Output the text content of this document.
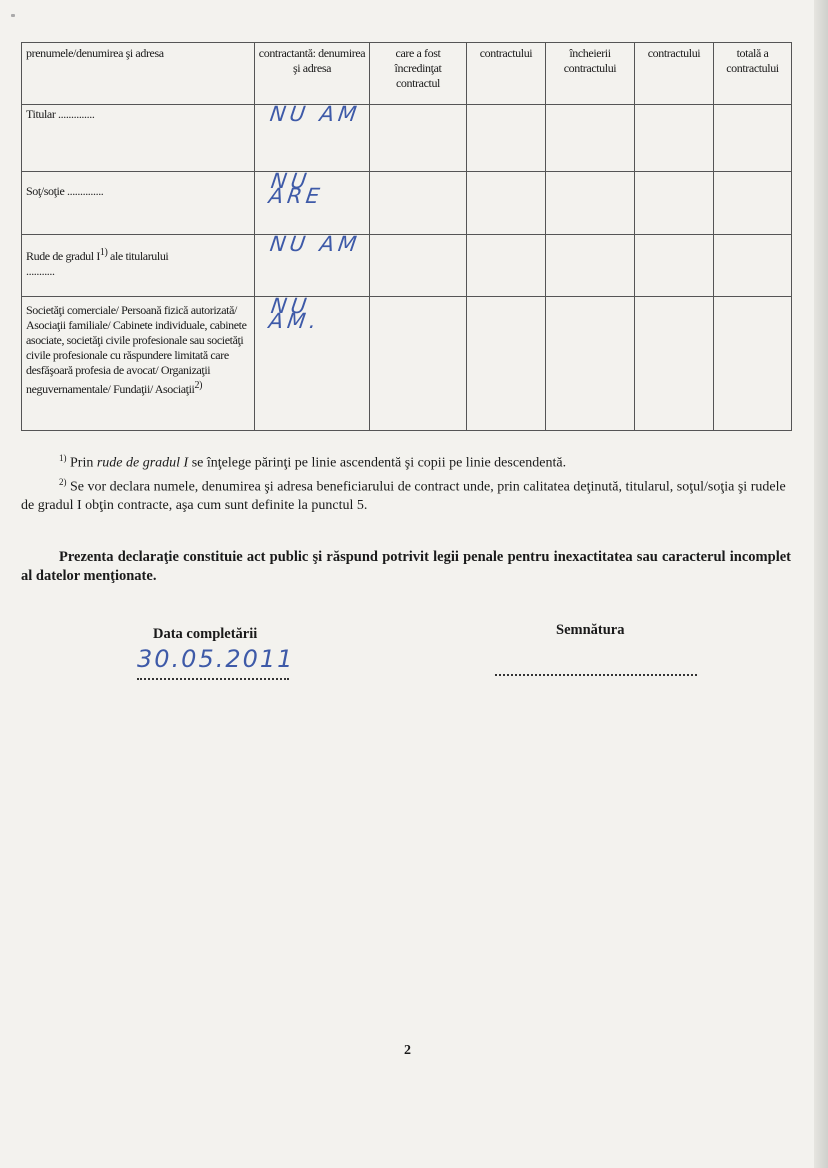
prenumele/denumirea şi adresa	contractantă: denumirea şi adresa	care a fost încredinţat contractul	contractului	încheierii contractului	contractului	totală a contractului
Titular ..............	NU AM					
Soţ/soţie ..............	NU ARE					
Rude de gradul $I^{1)}$ ale titularului
...........	NU AM					
Societăţi comerciale/ Persoană fizică autorizată/ Asociaţii familiale/ Cabinete individuale, cabinete asociate, societăţi civile profesionale sau societăţi civile profesionale cu răspundere limitată care desfăşoară profesia de avocat/ Organizaţii neguvernamentale/ Fundaţii/ Asociaţii$^{2)}$	NU AM.					

$^{1)}$ Prin rude de gradul I se înţelege părinţi pe linie ascendentă şi copii pe linie descendentă.

$^{2)}$ Se vor declara numele, denumirea şi adresa beneficiarului de contract unde, prin calitatea deţinută, titularul, soţul/soţia şi rudele de gradul I obţin contracte, aşa cum sunt definite la punctul 5.

Prezenta declaraţie constituie act public şi răspund potrivit legii penale pentru inexactitatea sau caracterul incomplet al datelor menţionate.
Data completării	Semnătura
30.05.2011
2
